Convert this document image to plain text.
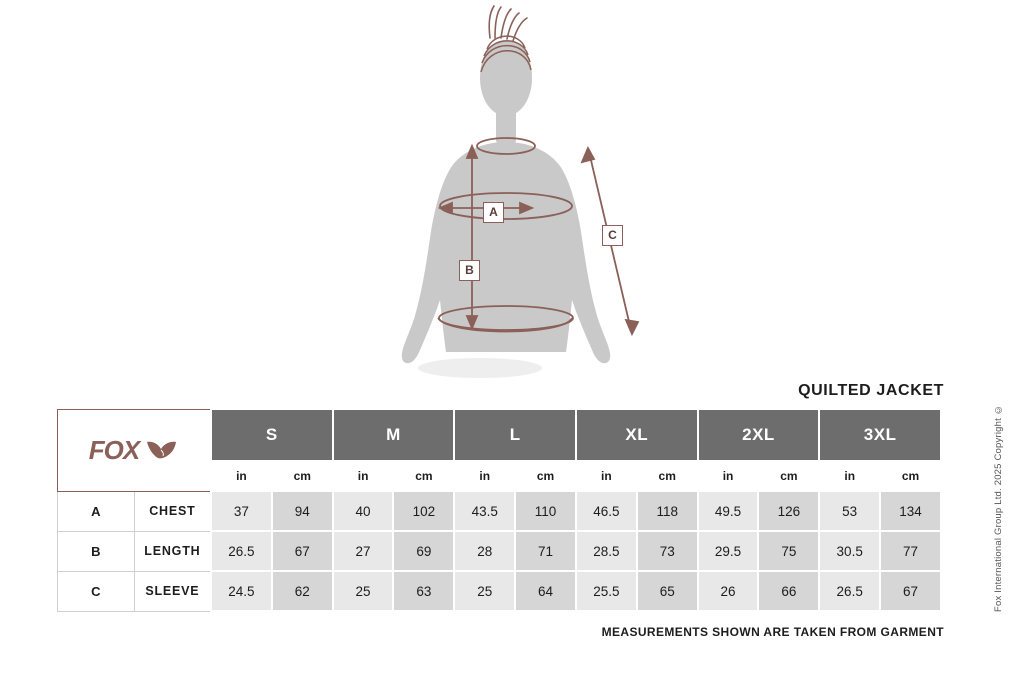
A
B
C
QUILTED JACKET
FOX		S		M		L		XL		2XL		3XL	
		in	cm	in	cm	in	cm	in	cm	in	cm	in	cm
A	CHEST	37	94	40	102	43.5	110	46.5	118	49.5	126	53	134
B	LENGTH	26.5	67	27	69	28	71	28.5	73	29.5	75	30.5	77
C	SLEEVE	24.5	62	25	63	25	64	25.5	65	26	66	26.5	67
MEASUREMENTS SHOWN ARE TAKEN FROM GARMENT
Fox International Group Ltd. 2025 Copyright ©
